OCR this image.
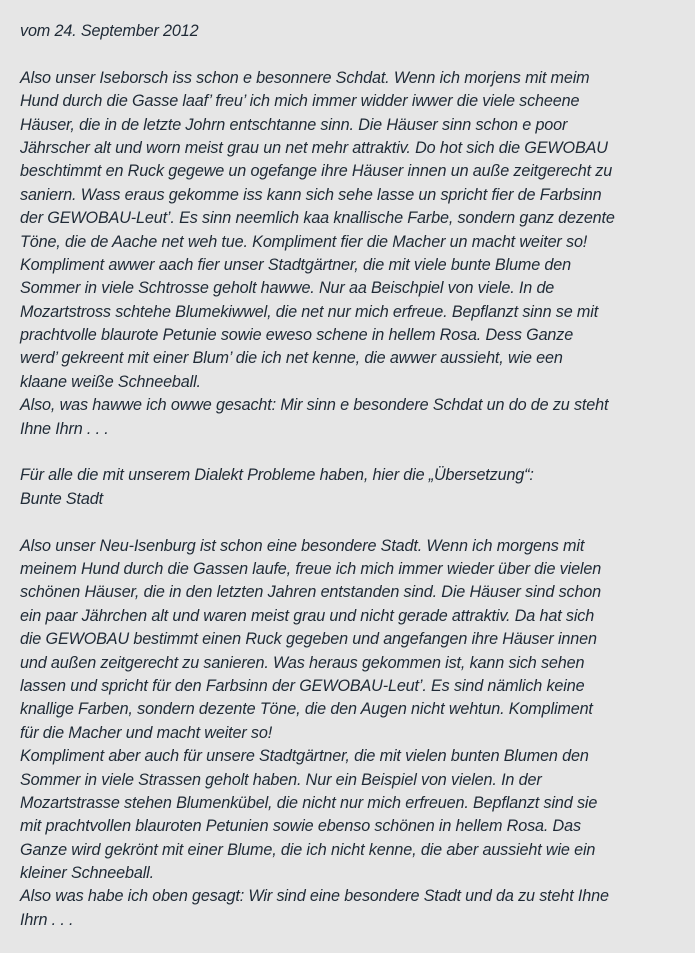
vom 24. September 2012
Also unser Iseborsch iss schon e besonnere Schdat. Wenn ich morjens mit meim
Hund durch die Gasse laaf’ freu’ ich mich immer widder iwwer die viele scheene
Häuser, die in de letzte Johrn entschtanne sinn. Die Häuser sinn schon e poor
Jährscher alt und worn meist grau un net mehr attraktiv. Do hot sich die GEWOBAU
beschtimmt en Ruck gegewe un ogefange ihre Häuser innen un auße zeitgerecht zu
saniern. Wass eraus gekomme iss kann sich sehe lasse un spricht fier de Farbsinn
der GEWOBAU-Leut’. Es sinn neemlich kaa knallische Farbe, sondern ganz dezente
Töne, die de Aache net weh tue. Kompliment fier die Macher un macht weiter so!
Kompliment awwer aach fier unser Stadtgärtner, die mit viele bunte Blume den
Sommer in viele Schtrosse geholt hawwe. Nur aa Beischpiel von viele. In de
Mozartstross schtehe Blumekiwwel, die net nur mich erfreue. Bepflanzt sinn se mit
prachtvolle blaurote Petunie sowie eweso schene in hellem Rosa. Dess Ganze
werd’ gekreent mit einer Blum’ die ich net kenne, die awwer aussieht, wie een
klaane weiße Schneeball.
Also, was hawwe ich owwe gesacht: Mir sinn e besondere Schdat un do de zu steht
Ihne Ihrn . . .
Für alle die mit unserem Dialekt Probleme haben, hier die „Übersetzung“:
Bunte Stadt
Also unser Neu-Isenburg ist schon eine besondere Stadt. Wenn ich morgens mit
meinem Hund durch die Gassen laufe, freue ich mich immer wieder über die vielen
schönen Häuser, die in den letzten Jahren entstanden sind. Die Häuser sind schon
ein paar Jährchen alt und waren meist grau und nicht gerade attraktiv. Da hat sich
die GEWOBAU bestimmt einen Ruck gegeben und angefangen ihre Häuser innen
und außen zeitgerecht zu sanieren. Was heraus gekommen ist, kann sich sehen
lassen und spricht für den Farbsinn der GEWOBAU-Leut’. Es sind nämlich keine
knallige Farben, sondern dezente Töne, die den Augen nicht wehtun. Kompliment
für die Macher und macht weiter so!
Kompliment aber auch für unsere Stadtgärtner, die mit vielen bunten Blumen den
Sommer in viele Strassen geholt haben. Nur ein Beispiel von vielen. In der
Mozartstrasse stehen Blumenkübel, die nicht nur mich erfreuen. Bepflanzt sind sie
mit prachtvollen blauroten Petunien sowie ebenso schönen in hellem Rosa. Das
Ganze wird gekrönt mit einer Blume, die ich nicht kenne, die aber aussieht wie ein
kleiner Schneeball.
Also was habe ich oben gesagt: Wir sind eine besondere Stadt und da zu steht Ihne
Ihrn . . .
